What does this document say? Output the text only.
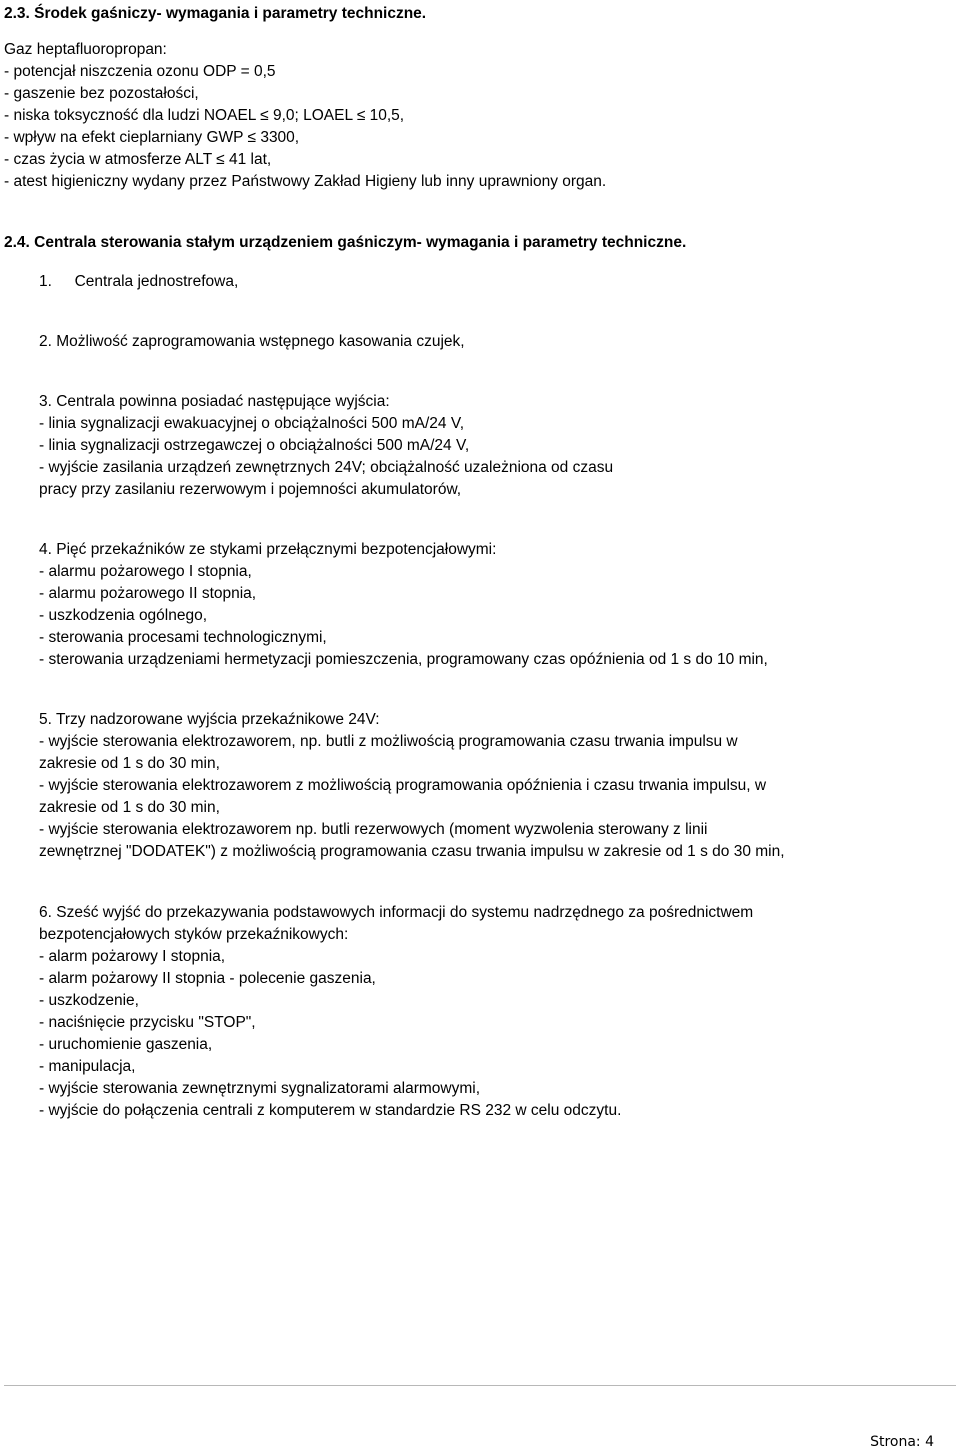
2.3. Środek gaśniczy- wymagania i parametry techniczne.
Gaz heptafluoropropan:
- potencjał niszczenia ozonu ODP = 0,5
- gaszenie bez pozostałości,
- niska toksyczność dla ludzi NOAEL ≤ 9,0; LOAEL ≤ 10,5,
- wpływ na efekt cieplarniany GWP ≤ 3300,
- czas życia w atmosferze ALT ≤ 41 lat,
- atest higieniczny wydany przez Państwowy Zakład Higieny lub inny uprawniony organ.
2.4. Centrala sterowania stałym urządzeniem gaśniczym- wymagania i parametry techniczne.
1. Centrala jednostrefowa,
2. Możliwość zaprogramowania wstępnego kasowania czujek,
3. Centrala powinna posiadać następujące wyjścia:
- linia sygnalizacji ewakuacyjnej o obciążalności 500 mA/24 V,
- linia sygnalizacji ostrzegawczej o obciążalności 500 mA/24 V,
- wyjście zasilania urządzeń zewnętrznych 24V; obciążalność uzależniona od czasu
pracy przy zasilaniu rezerwowym i pojemności akumulatorów,
4. Pięć przekaźników ze stykami przełącznymi bezpotencjałowymi:
- alarmu pożarowego I stopnia,
- alarmu pożarowego II stopnia,
- uszkodzenia ogólnego,
- sterowania procesami technologicznymi,
- sterowania urządzeniami hermetyzacji pomieszczenia, programowany czas opóźnienia od 1 s do 10 min,
5. Trzy nadzorowane wyjścia przekaźnikowe 24V:
- wyjście sterowania elektrozaworem, np. butli z możliwością programowania czasu trwania impulsu w
zakresie od 1 s do 30 min,
- wyjście sterowania elektrozaworem z możliwością programowania opóźnienia i czasu trwania impulsu, w
zakresie od 1 s do 30 min,
- wyjście sterowania elektrozaworem np. butli rezerwowych (moment wyzwolenia sterowany z linii
zewnętrznej "DODATEK") z możliwością programowania czasu trwania impulsu w zakresie od 1 s do 30 min,
6. Sześć wyjść do przekazywania podstawowych informacji do systemu nadrzędnego za pośrednictwem
bezpotencjałowych styków przekaźnikowych:
- alarm pożarowy I stopnia,
- alarm pożarowy II stopnia - polecenie gaszenia,
- uszkodzenie,
- naciśnięcie przycisku "STOP",
- uruchomienie gaszenia,
- manipulacja,
- wyjście sterowania zewnętrznymi sygnalizatorami alarmowymi,
- wyjście do połączenia centrali z komputerem w standardzie RS 232 w celu odczytu.
Strona: 4
